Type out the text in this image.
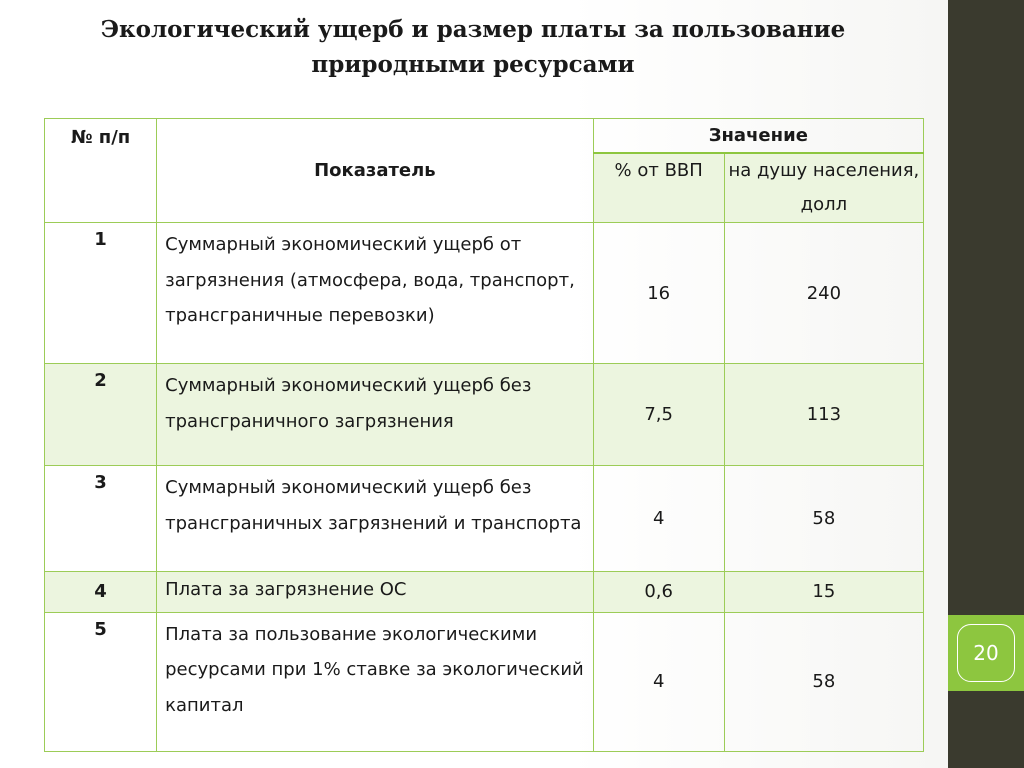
20
Экологический ущерб и размер платы за пользование
природными ресурсами
№ п/п	Показатель	Значение	
		% от ВВП	на душу населения, долл
1	Суммарный экономический ущерб от загрязнения (атмосфера, вода, транспорт, трансграничные перевозки)	16	240
2	Суммарный экономический ущерб без трансграничного загрязнения	7,5	113
3	Суммарный экономический ущерб без трансграничных загрязнений и транспорта	4	58
4	Плата за загрязнение ОС	0,6	15
5	Плата за пользование экологическими ресурсами при 1% ставке за экологический капитал	4	58
